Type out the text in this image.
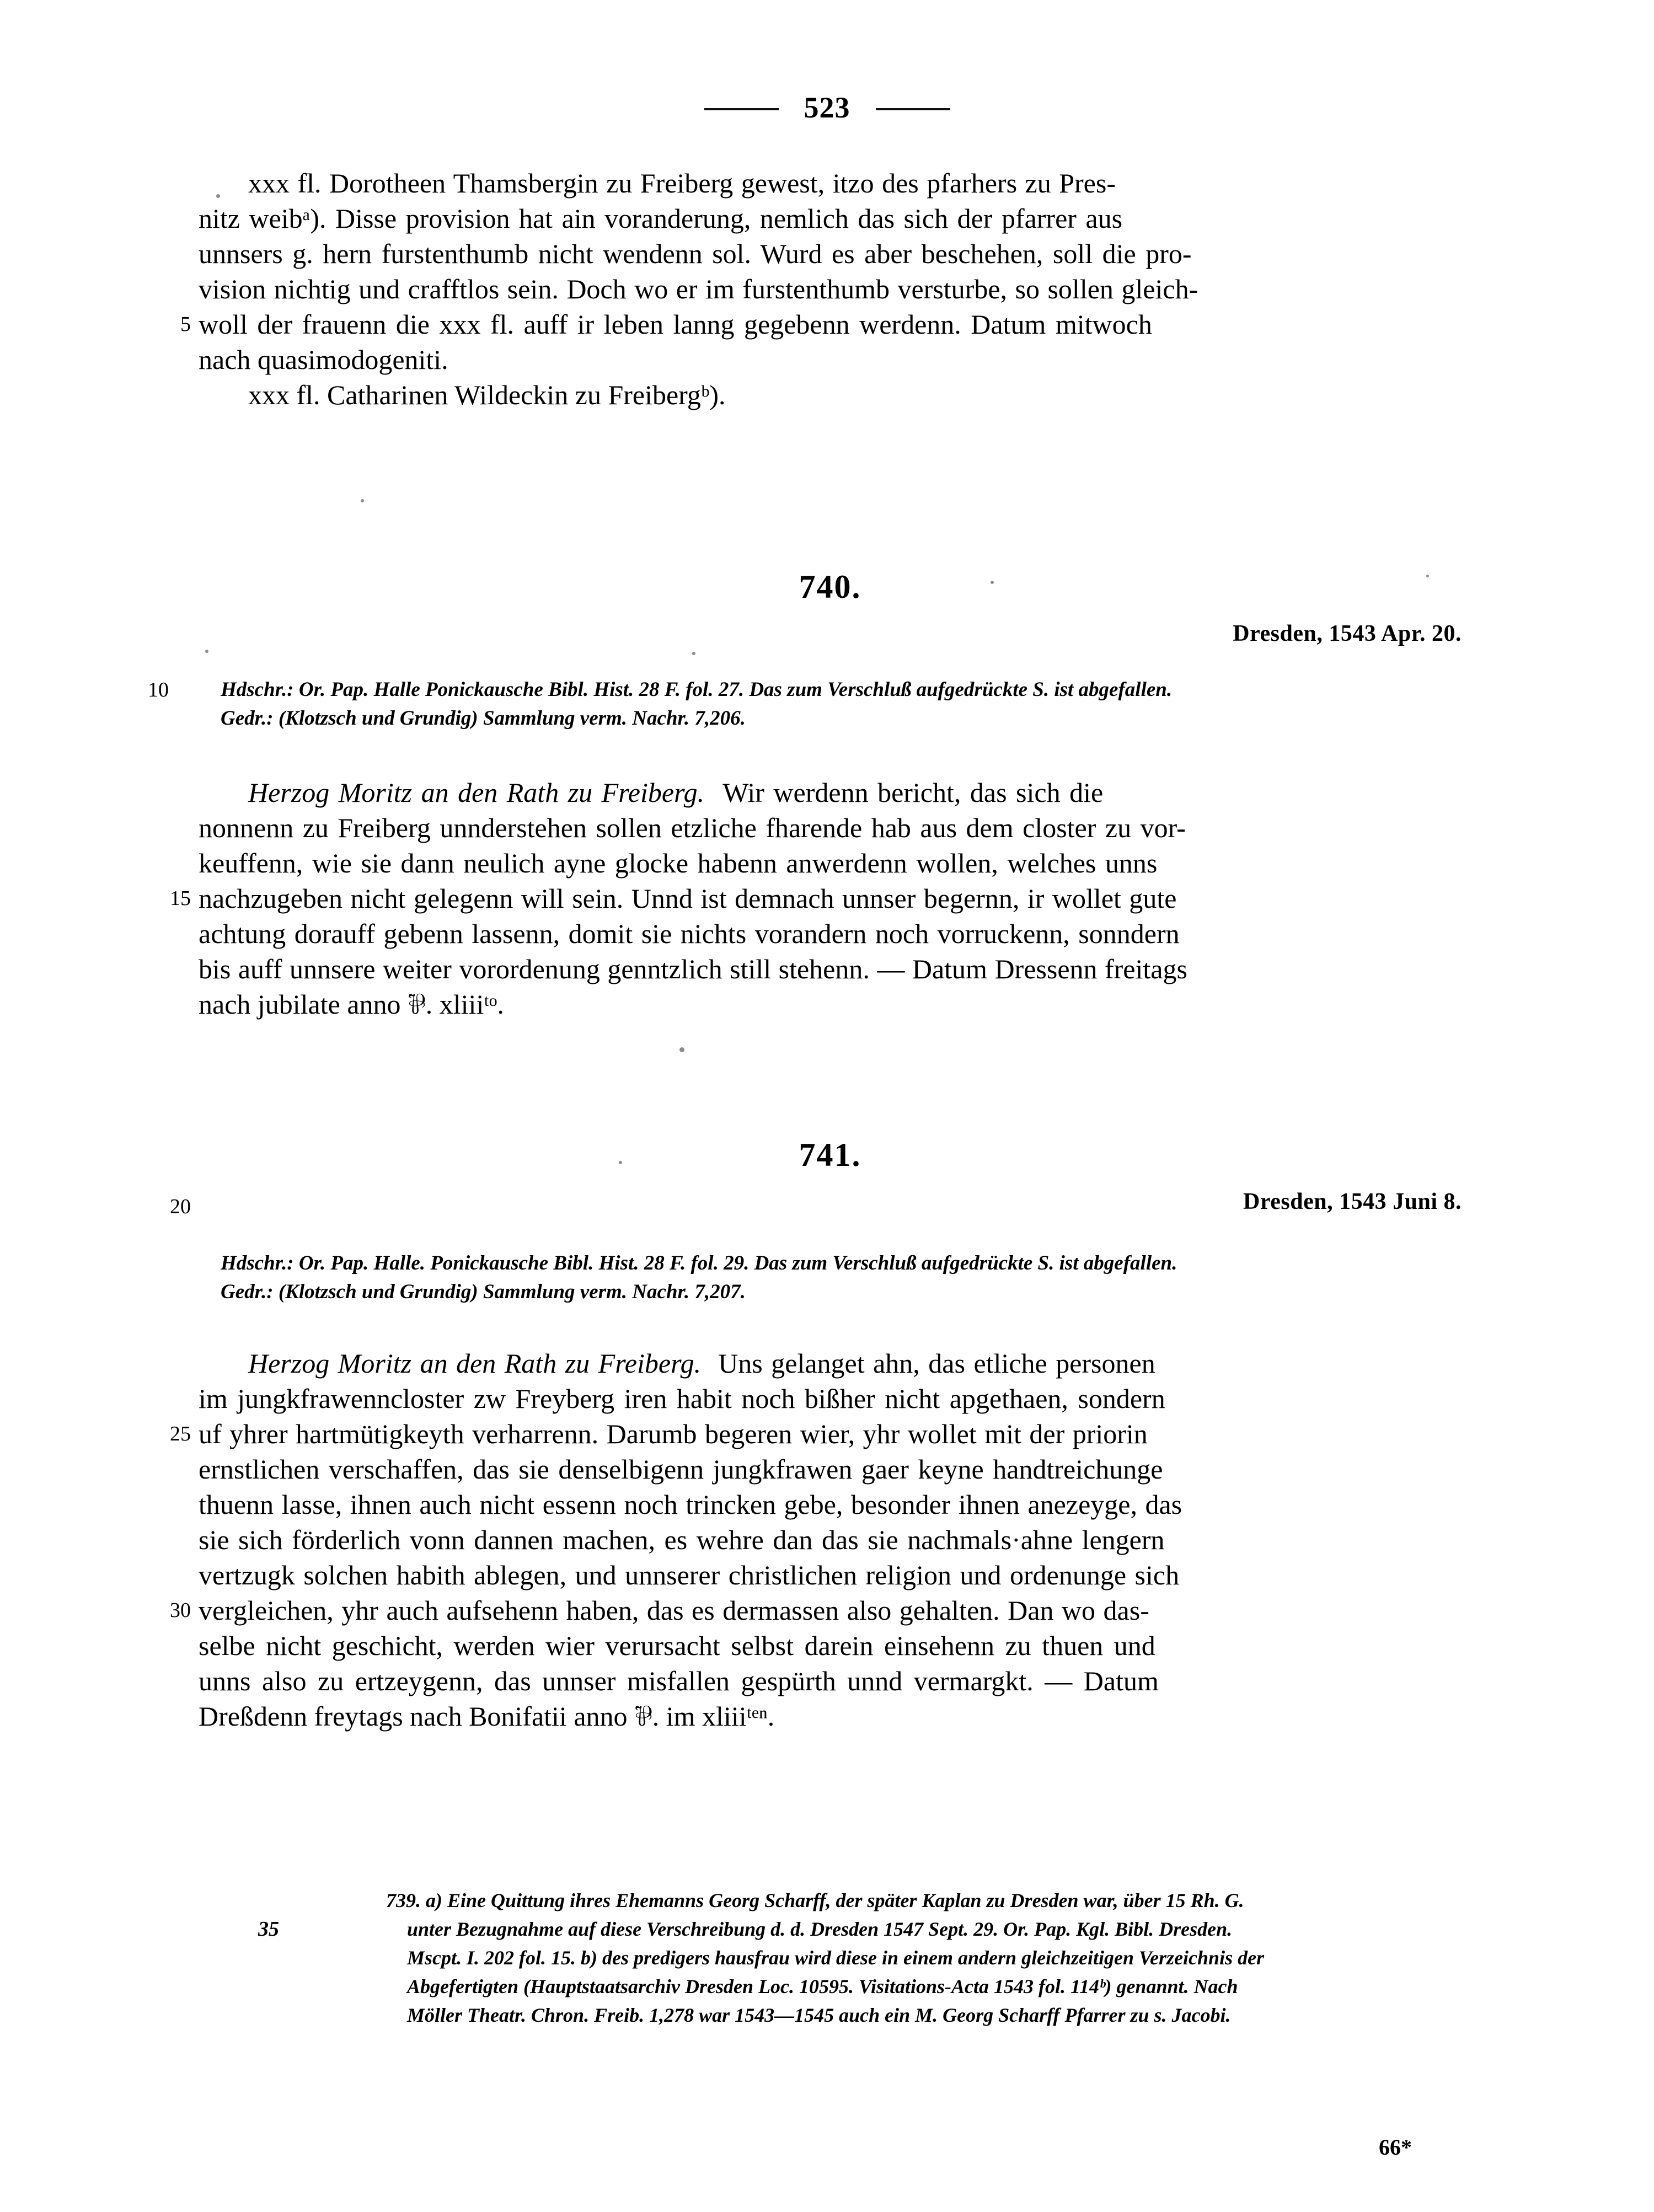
523
xxx fl. Dorotheen Thamsbergin zu Freiberg gewest, itzo des pfarhers zu Pres-
nitz weibᵃ). Disse provision hat ain voranderung, nemlich das sich der pfarrer aus
unnsers g. hern furstenthumb nicht wendenn sol. Wurd es aber beschehen, soll die pro-
vision nichtig und crafftlos sein. Doch wo er im furstenthumb versturbe, so sollen gleich-
5 woll der frauenn die xxx fl. auff ir leben lanng gegebenn werdenn. Datum mitwoch
nach quasimodogeniti.
xxx fl. Catharinen Wildeckin zu Freibergᵇ).

740.

Dresden, 1543 Apr. 20.

10	Hdschr.: Or. Pap. Halle Ponickausche Bibl. Hist. 28 F. fol. 27. Das zum Verschluß aufgedrückte S. ist abgefallen.
Gedr.: (Klotzsch und Grundig) Sammlung verm. Nachr. 7,206.

Herzog Moritz an den Rath zu Freiberg. Wir werdenn bericht, das sich die
nonnenn zu Freiberg unnderstehen sollen etzliche fharende hab aus dem closter zu vor-
keuffenn, wie sie dann neulich ayne glocke habenn anwerdenn wollen, welches unns
15 nachzugeben nicht gelegenn will sein. Unnd ist demnach unnser begernn, ir wollet gute
achtung dorauff gebenn lassenn, domit sie nichts vorandern noch vorruckenn, sonndern
bis auff unnsere weiter vorordenung genntzlich still stehenn. — Datum Dressenn freitags
nach jubilate anno ⅌. xliiiᵗᵒ.

741.

Dresden, 1543 Juni 8.

20

Hdschr.: Or. Pap. Halle. Ponickausche Bibl. Hist. 28 F. fol. 29. Das zum Verschluß aufgedrückte S. ist abgefallen.
Gedr.: (Klotzsch und Grundig) Sammlung verm. Nachr. 7,207.

Herzog Moritz an den Rath zu Freiberg. Uns gelanget ahn, das etliche personen
im jungkfrawenncloster zw Freyberg iren habit noch bißher nicht apgethaen, sondern
25 uf yhrer hartmütigkeyth verharrenn. Darumb begeren wier, yhr wollet mit der priorin
ernstlichen verschaffen, das sie denselbigenn jungkfrawen gaer keyne handtreichunge
thuenn lasse, ihnen auch nicht essenn noch trincken gebe, besonder ihnen anezeyge, das
sie sich förderlich vonn dannen machen, es wehre dan das sie nachmals·ahne lengern
vertzugk solchen habith ablegen, und unnserer christlichen religion und ordenunge sich
30 vergleichen, yhr auch aufsehenn haben, das es dermassen also gehalten. Dan wo das-
selbe nicht geschicht, werden wier verursacht selbst darein einsehenn zu thuen und
unns also zu ertzeygenn, das unnser misfallen gespürth unnd vermargkt. — Datum
Dreßdenn freytags nach Bonifatii anno ⅌. im xliiiᵗᵉⁿ.
35
739. a) Eine Quittung ihres Ehemanns Georg Scharff, der später Kaplan zu Dresden war, über 15 Rh. G.
unter Bezugnahme auf diese Verschreibung d. d. Dresden 1547 Sept. 29. Or. Pap. Kgl. Bibl. Dresden.
Mscpt. I. 202 fol. 15. b) des predigers hausfrau wird diese in einem andern gleichzeitigen Verzeichnis der
Abgefertigten (Hauptstaatsarchiv Dresden Loc. 10595. Visitations-Acta 1543 fol. 114ᵇ) genannt. Nach
Möller Theatr. Chron. Freib. 1,278 war 1543—1545 auch ein M. Georg Scharff Pfarrer zu s. Jacobi.
66*
